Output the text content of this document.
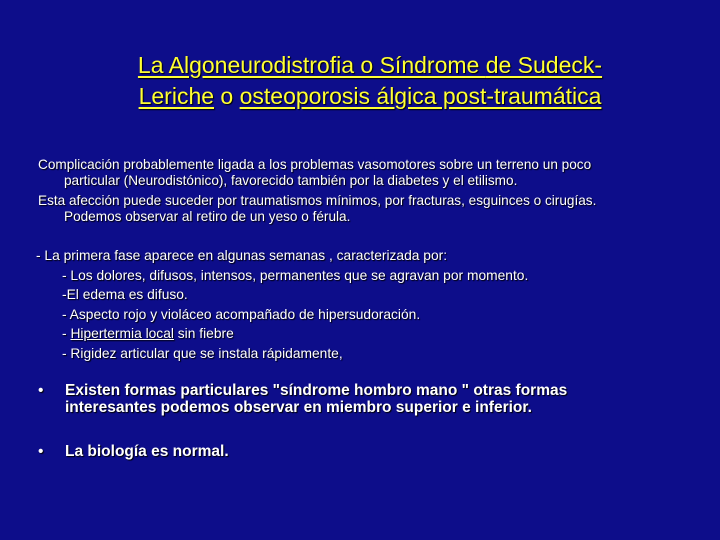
La Algoneurodistrofia o Síndrome de Sudeck-
Leriche o osteoporosis álgica post-traumática
Complicación probablemente ligada a los problemas vasomotores sobre un terreno un poco
particular (Neurodistónico), favorecido también por la diabetes y el etilismo.
Esta afección puede suceder por traumatismos mínimos, por fracturas, esguinces o cirugías.
Podemos observar al retiro de un yeso o férula.
- La primera fase aparece en algunas semanas , caracterizada por:
- Los dolores, difusos, intensos, permanentes que se agravan por momento.
-El edema es difuso.
- Aspecto rojo y violáceo acompañado de hipersudoración.
- Hipertermia local sin fiebre
- Rigidez articular que se instala rápidamente,
• Existen formas particulares "síndrome hombro mano " otras formas
interesantes podemos observar en miembro superior e inferior.
• La biología es normal.
